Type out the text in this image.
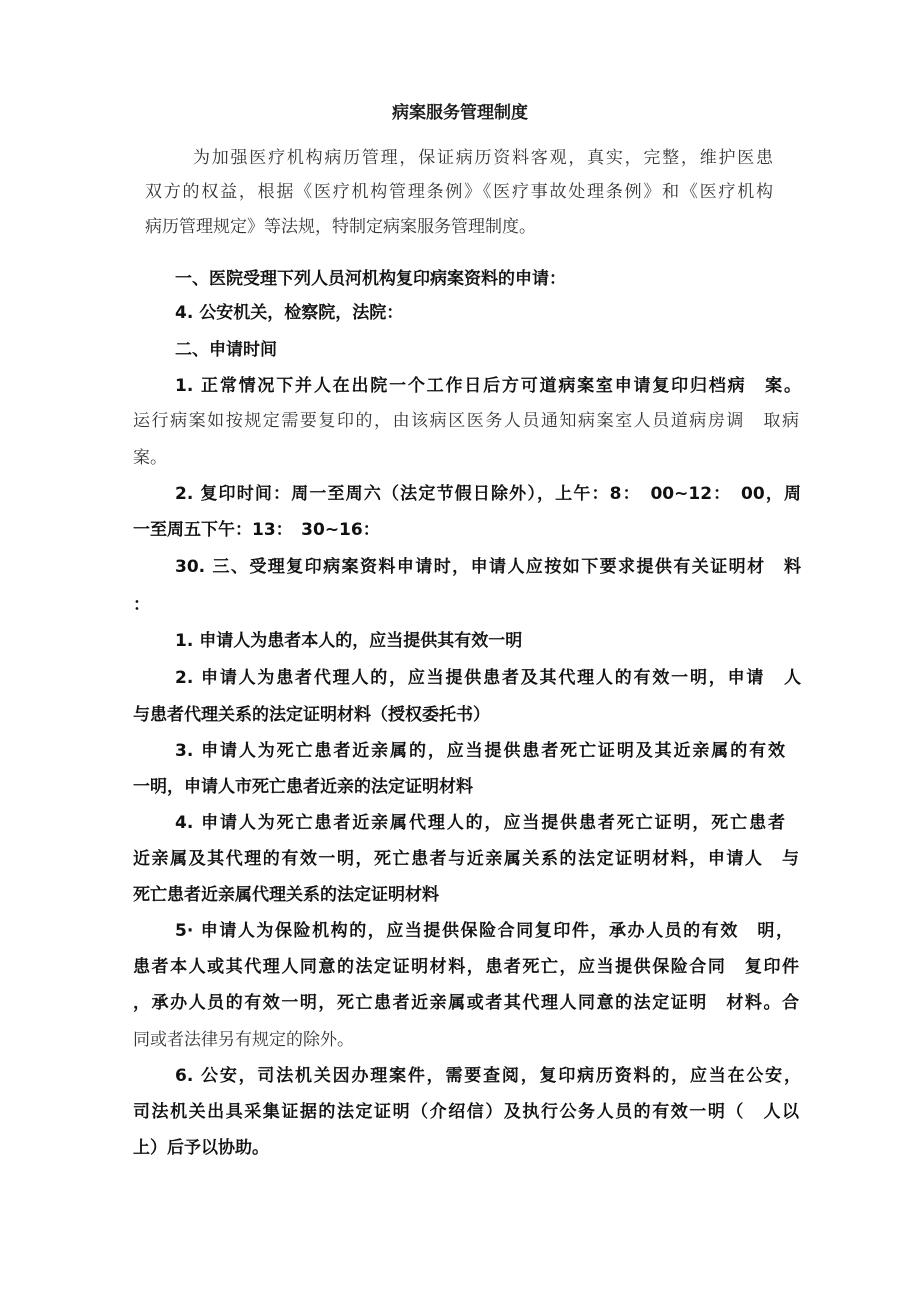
病案服务管理制度
为加强医疗机构病历管理，保证病历资料客观，真实，完整，维护医患
双方的权益，根据《医疗机构管理条例》《医疗事故处理条例》和《医疗机构
病历管理规定》等法规，特制定病案服务管理制度。
一、医院受理下列人员河机构复印病案资料的申请：
4. 公安机关，检察院，法院：
二、申请时间
1. 正常情况下并人在出院一个工作日后方可道病案室申请复印归档病　案。
运行病案如按规定需要复印的，由该病区医务人员通知病案室人员道病房调　取病
案。
2. 复印时间：周一至周六（法定节假日除外），上午：8：　00~12：　00，周
一至周五下午：13：　30~16：
30. 三、受理复印病案资料申请时，申请人应按如下要求提供有关证明材　料
：
1. 申请人为患者本人的，应当提供其有效一明
2. 申请人为患者代理人的，应当提供患者及其代理人的有效一明，申请　人
与患者代理关系的法定证明材料（授权委托书）
3. 申请人为死亡患者近亲属的，应当提供患者死亡证明及其近亲属的有效
一明，申请人市死亡患者近亲的法定证明材料
4. 申请人为死亡患者近亲属代理人的，应当提供患者死亡证明，死亡患者
近亲属及其代理的有效一明，死亡患者与近亲属关系的法定证明材料，申请人　与
死亡患者近亲属代理关系的法定证明材料
5· 申请人为保险机构的，应当提供保险合同复印件，承办人员的有效　明，
患者本人或其代理人同意的法定证明材料，患者死亡，应当提供保险合同　复印件
，承办人员的有效一明，死亡患者近亲属或者其代理人同意的法定证明　材料。合
同或者法律另有规定的除外。
6. 公安，司法机关因办理案件，需要查阅，复印病历资料的，应当在公安，
司法机关出具采集证据的法定证明（介绍信）及执行公务人员的有效一明（　人以
上）后予以协助。
